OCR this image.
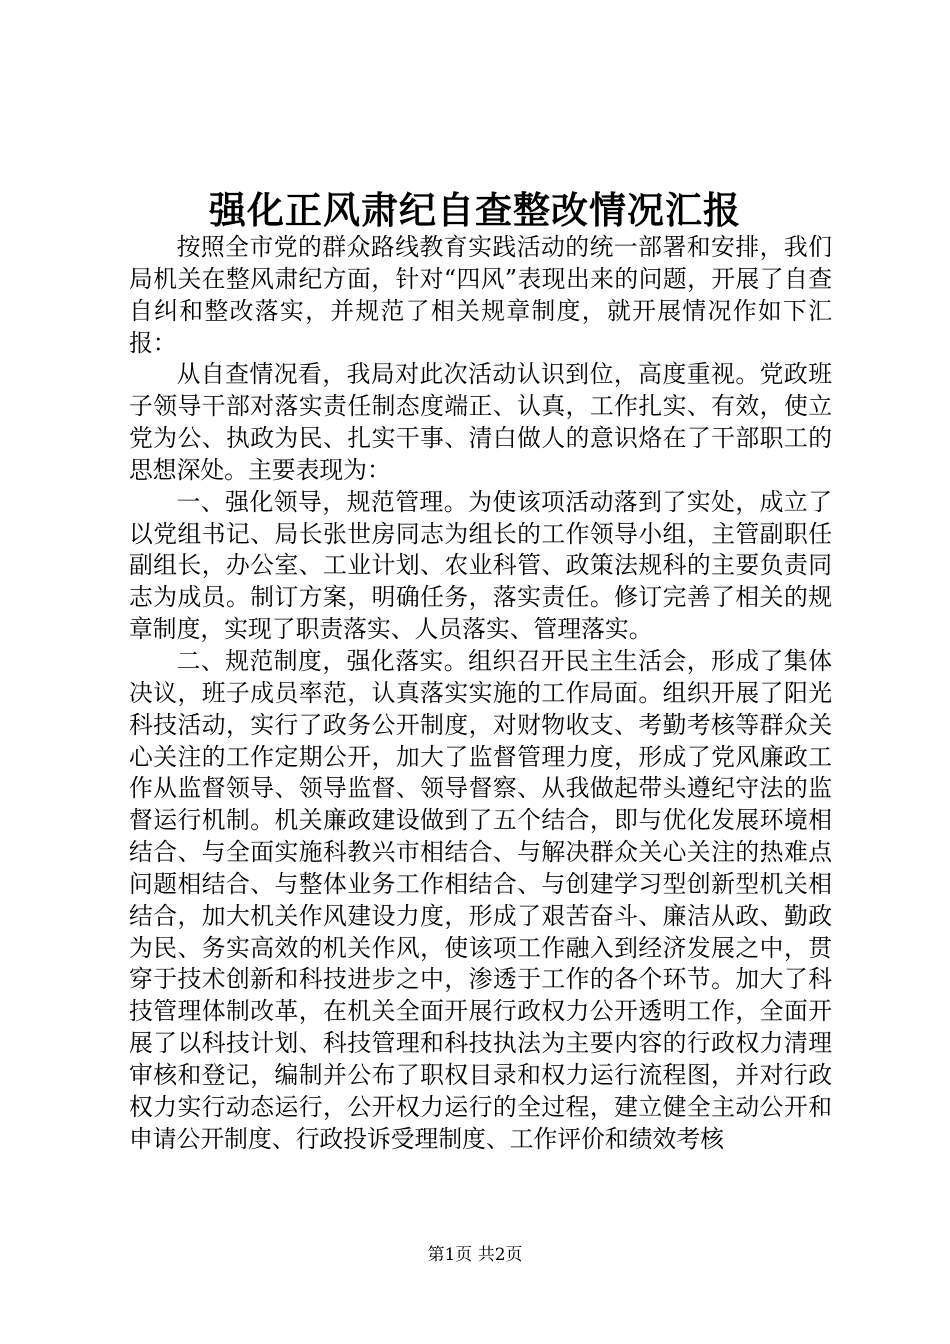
强化正风肃纪自查整改情况汇报

按照全市党的群众路线教育实践活动的统一部署和安排，我们局机关在整风肃纪方面，针对“四风”表现出来的问题，开展了自查自纠和整改落实，并规范了相关规章制度，就开展情况作如下汇报：

从自查情况看，我局对此次活动认识到位，高度重视。党政班子领导干部对落实责任制态度端正、认真，工作扎实、有效，使立党为公、执政为民、扎实干事、清白做人的意识烙在了干部职工的思想深处。主要表现为：

一、强化领导，规范管理。为使该项活动落到了实处，成立了以党组书记、局长张世房同志为组长的工作领导小组，主管副职任副组长，办公室、工业计划、农业科管、政策法规科的主要负责同志为成员。制订方案，明确任务，落实责任。修订完善了相关的规章制度，实现了职责落实、人员落实、管理落实。

二、规范制度，强化落实。组织召开民主生活会，形成了集体决议，班子成员率范，认真落实实施的工作局面。组织开展了阳光科技活动，实行了政务公开制度，对财物收支、考勤考核等群众关心关注的工作定期公开，加大了监督管理力度，形成了党风廉政工作从监督领导、领导监督、领导督察、从我做起带头遵纪守法的监督运行机制。机关廉政建设做到了五个结合，即与优化发展环境相结合、与全面实施科教兴市相结合、与解决群众关心关注的热难点问题相结合、与整体业务工作相结合、与创建学习型创新型机关相结合，加大机关作风建设力度，形成了艰苦奋斗、廉洁从政、勤政为民、务实高效的机关作风，使该项工作融入到经济发展之中，贯穿于技术创新和科技进步之中，渗透于工作的各个环节。加大了科技管理体制改革，在机关全面开展行政权力公开透明工作，全面开展了以科技计划、科技管理和科技执法为主要内容的行政权力清理审核和登记，编制并公布了职权目录和权力运行流程图，并对行政权力实行动态运行，公开权力运行的全过程，建立健全主动公开和申请公开制度、行政投诉受理制度、工作评价和绩效考核

第1页 共2页
